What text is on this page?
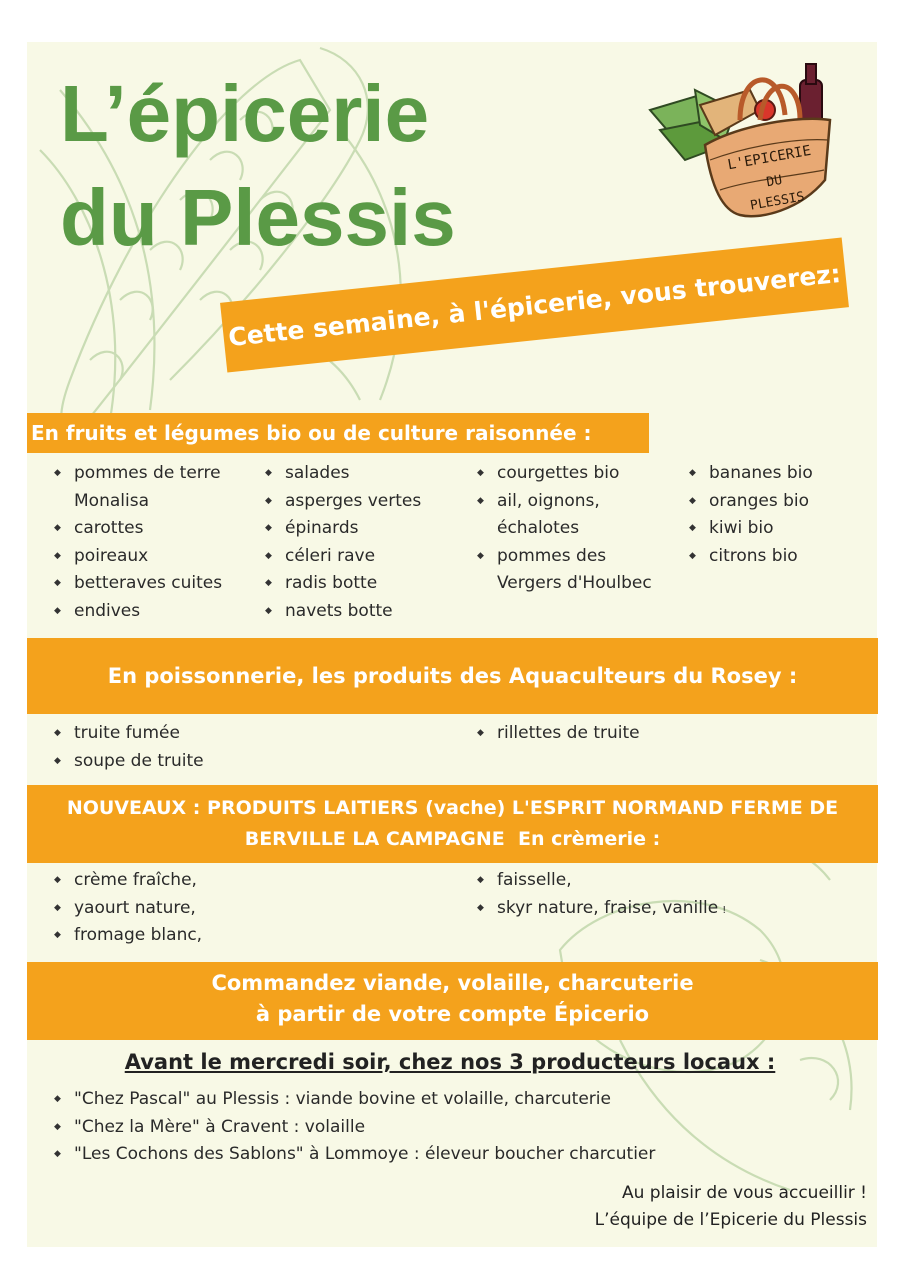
L’épicerie
du Plessis
L'EPICERIE
DU
PLESSIS
Cette semaine, à l'épicerie, vous trouverez:
En fruits et légumes bio ou de culture raisonnée :
◆ pommes de terre Monalisa
◆ carottes
◆ poireaux
◆ betteraves cuites
◆ endives
◆ salades
◆ asperges vertes
◆ épinards
◆ céleri rave
◆ radis botte
◆ navets botte
◆ courgettes bio
◆ ail, oignons, échalotes
◆ pommes des Vergers d'Houlbec
◆ bananes bio
◆ oranges bio
◆ kiwi bio
◆ citrons bio
En poissonnerie, les produits des Aquaculteurs du Rosey :
◆ truite fumée
◆ soupe de truite
◆ rillettes de truite
NOUVEAUX : PRODUITS LAITIERS (vache) L'ESPRIT NORMAND FERME DE
BERVILLE LA CAMPAGNE  En crèmerie :
◆ crème fraîche,
◆ yaourt nature,
◆ fromage blanc,
◆ faisselle,
◆ skyr nature, fraise, vanille !
Commandez viande, volaille, charcuterie
à partir de votre compte Épicerio
Avant le mercredi soir, chez nos 3 producteurs locaux :
◆ "Chez Pascal" au Plessis : viande bovine et volaille, charcuterie
◆ "Chez la Mère" à Cravent : volaille
◆ "Les Cochons des Sablons" à Lommoye : éleveur boucher charcutier
Au plaisir de vous accueillir !
L’équipe de l’Epicerie du Plessis
